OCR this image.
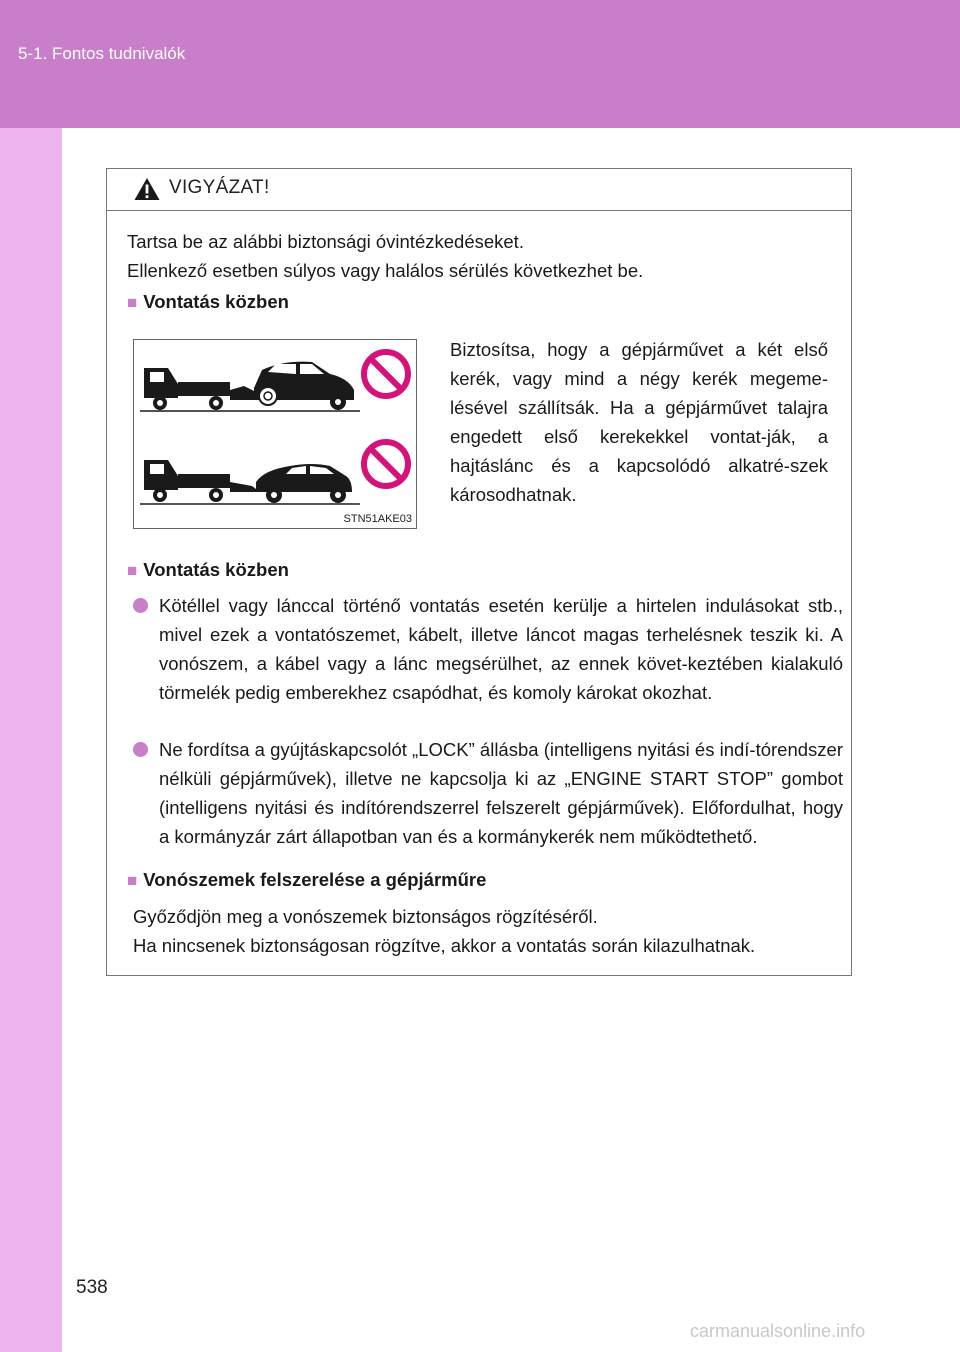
5-1. Fontos tudnivalók
VIGYÁZAT!
Tartsa be az alábbi biztonsági óvintézkedéseket.
Ellenkező esetben súlyos vagy halálos sérülés következhet be.
■ Vontatás közben
STN51AKE03
Biztosítsa, hogy a gépjárművet a két első kerék, vagy mind a négy kerék megeme-lésével szállítsák. Ha a gépjárművet talajra engedett első kerekekkel vontat-ják, a hajtáslánc és a kapcsolódó alkatré-szek károsodhatnak.
■ Vontatás közben
Kötéllel vagy lánccal történő vontatás esetén kerülje a hirtelen indulásokat stb., mivel ezek a vontatószemet, kábelt, illetve láncot magas terhelésnek teszik ki. A vonószem, a kábel vagy a lánc megsérülhet, az ennek követ-keztében kialakuló törmelék pedig emberekhez csapódhat, és komoly károkat okozhat.
Ne fordítsa a gyújtáskapcsolót „LOCK” állásba (intelligens nyitási és indí-tórendszer nélküli gépjárművek), illetve ne kapcsolja ki az „ENGINE START STOP” gombot (intelligens nyitási és indítórendszerrel felszerelt gépjárművek). Előfordulhat, hogy a kormányzár zárt állapotban van és a kormánykerék nem működtethető.
■ Vonószemek felszerelése a gépjárműre
Győződjön meg a vonószemek biztonságos rögzítéséről.
Ha nincsenek biztonságosan rögzítve, akkor a vontatás során kilazulhatnak.
538
carmanualsonline.info
